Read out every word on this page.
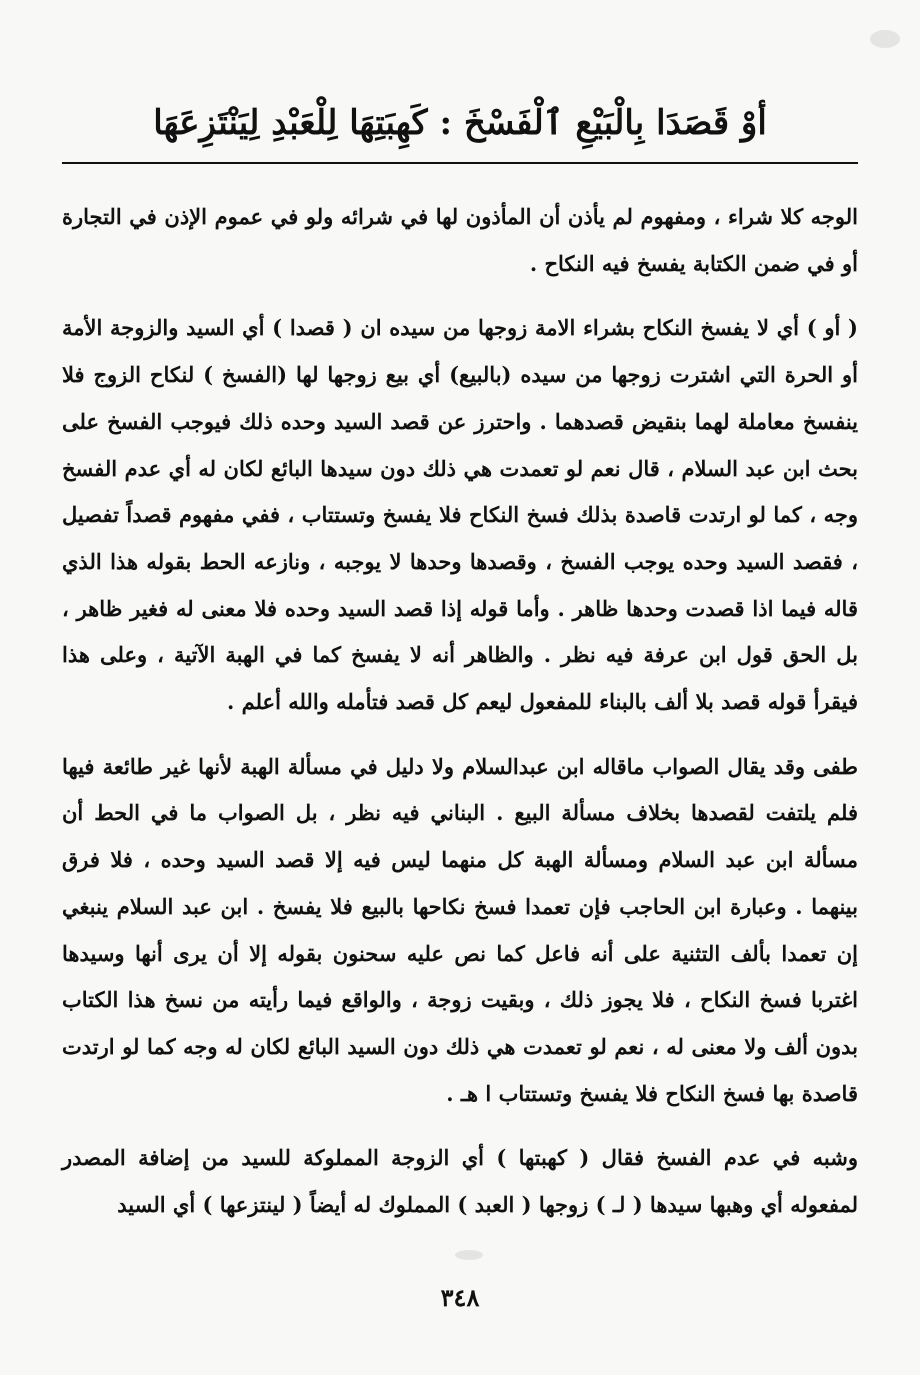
أوْ قَصَدَا بِالْبَيْعِ ٱلْفَسْخَ : كَهِبَتِهَا لِلْعَبْدِ لِيَنْتَزِعَهَا

الوجه كلا شراء ، ومفهوم لم يأذن أن المأذون لها في شرائه ولو في عموم الإذن في التجارة أو في ضمن الكتابة يفسخ فيه النكاح .

( أو ) أي لا يفسخ النكاح بشراء الامة زوجها من سيده ان ( قصدا ) أي السيد والزوجة الأمة أو الحرة التي اشترت زوجها من سيده (بالبيع) أي بيع زوجها لها (الفسخ ) لنكاح الزوج فلا ينفسخ معاملة لهما بنقيض قصدهما . واحترز عن قصد السيد وحده ذلك فيوجب الفسخ على بحث ابن عبد السلام ، قال نعم لو تعمدت هي ذلك دون سيدها البائع لكان له أي عدم الفسخ وجه ، كما لو ارتدت قاصدة بذلك فسخ النكاح فلا يفسخ وتستتاب ، ففي مفهوم قصداً تفصيل ، فقصد السيد وحده يوجب الفسخ ، وقصدها وحدها لا يوجبه ، ونازعه الحط بقوله هذا الذي قاله فيما اذا قصدت وحدها ظاهر . وأما قوله إذا قصد السيد وحده فلا معنى له فغير ظاهر ، بل الحق قول ابن عرفة فيه نظر . والظاهر أنه لا يفسخ كما في الهبة الآتية ، وعلى هذا فيقرأ قوله قصد بلا ألف بالبناء للمفعول ليعم كل قصد فتأمله والله أعلم .

طفى وقد يقال الصواب ماقاله ابن عبدالسلام ولا دليل في مسألة الهبة لأنها غير طائعة فيها فلم يلتفت لقصدها بخلاف مسألة البيع . البناني فيه نظر ، بل الصواب ما في الحط أن مسألة ابن عبد السلام ومسألة الهبة كل منهما ليس فيه إلا قصد السيد وحده ، فلا فرق بينهما . وعبارة ابن الحاجب فإن تعمدا فسخ نكاحها بالبيع فلا يفسخ . ابن عبد السلام ينبغي إن تعمدا بألف التثنية على أنه فاعل كما نص عليه سحنون بقوله إلا أن يرى أنها وسيدها اغتربا فسخ النكاح ، فلا يجوز ذلك ، وبقيت زوجة ، والواقع فيما رأيته من نسخ هذا الكتاب بدون ألف ولا معنى له ، نعم لو تعمدت هي ذلك دون السيد البائع لكان له وجه كما لو ارتدت قاصدة بها فسخ النكاح فلا يفسخ وتستتاب ا هـ .

وشبه في عدم الفسخ فقال ( كهبتها ) أي الزوجة المملوكة للسيد من إضافة المصدر لمفعوله أي وهبها سيدها ( لـ ) زوجها ( العبد ) المملوك له أيضاً ( لينتزعها ) أي السيد

٣٤٨
